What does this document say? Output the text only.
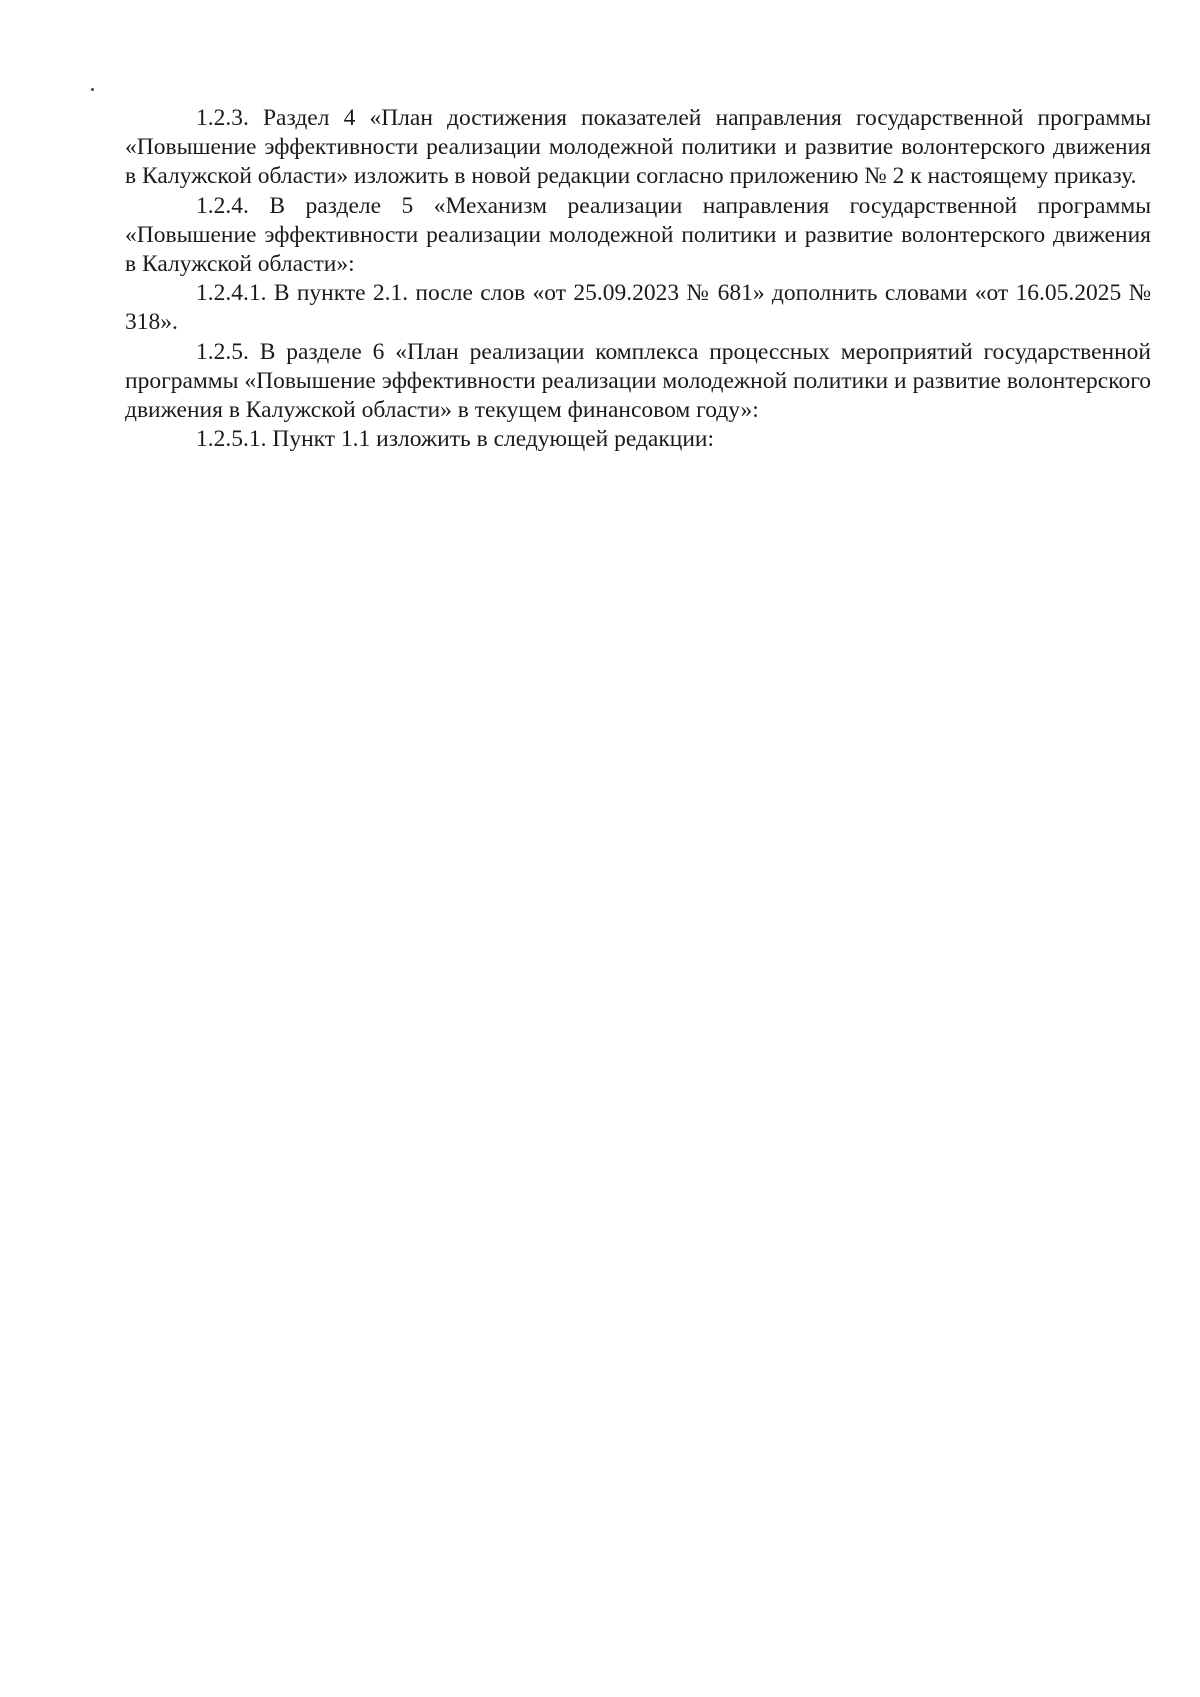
1.2.3. Раздел 4 «План достижения показателей направления государственной программы «Повышение эффективности реализации молодежной политики и развитие волонтерского движения в Калужской области» изложить в новой редакции согласно приложению № 2 к настоящему приказу.

1.2.4. В разделе 5 «Механизм реализации направления государственной программы «Повышение эффективности реализации молодежной политики и развитие волонтерского движения в Калужской области»:

1.2.4.1. В пункте 2.1. после слов «от 25.09.2023 № 681» дополнить словами «от 16.05.2025 № 318».

1.2.5. В разделе 6 «План реализации комплекса процессных мероприятий государственной программы «Повышение эффективности реализации молодежной политики и развитие волонтерского движения в Калужской области» в текущем финансовом году»:

1.2.5.1. Пункт 1.1 изложить в следующей редакции:
